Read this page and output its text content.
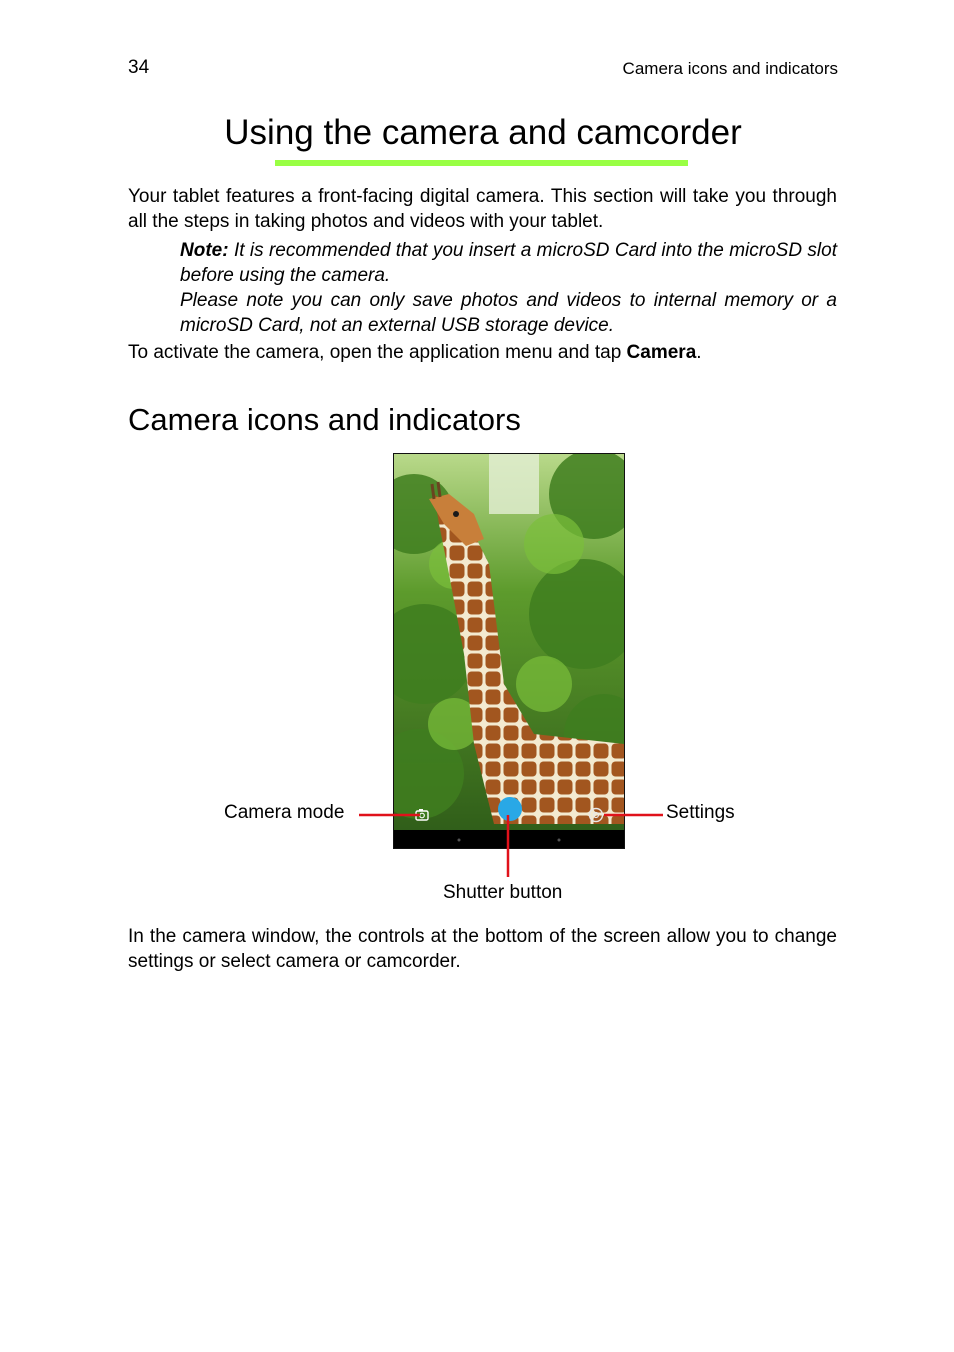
34	Camera icons and indicators
Using the camera and camcorder
Your tablet features a front-facing digital camera. This section will take you through all the steps in taking photos and videos with your tablet.
Note: It is recommended that you insert a microSD Card into the microSD slot before using the camera.
Please note you can only save photos and videos to internal memory or a microSD Card, not an external USB storage device.
To activate the camera, open the application menu and tap Camera.
Camera icons and indicators
Camera mode	Settings
Shutter button
In the camera window, the controls at the bottom of the screen allow you to change settings or select camera or camcorder.
